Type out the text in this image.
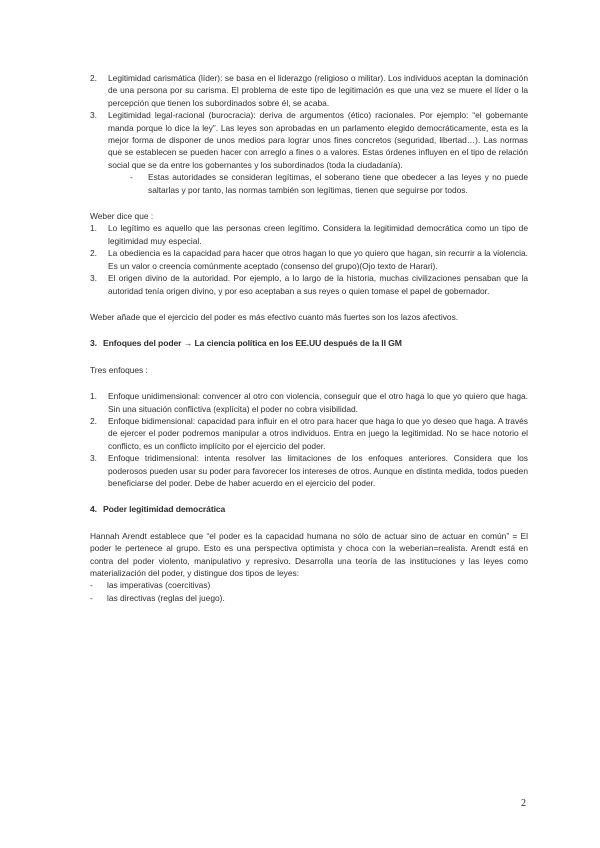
2. Legitimidad carismática (líder): se basa en el liderazgo (religioso o militar). Los individuos aceptan la dominación de una persona por su carisma. El problema de este tipo de legitimación es que una vez se muere el líder o la percepción que tienen los subordinados sobre él, se acaba.
3. Legitimidad legal-racional (burocracia): deriva de argumentos (ético) racionales. Por ejemplo: “el gobernante manda porque lo dice la ley”. Las leyes son aprobadas en un parlamento elegido democráticamente, esta es la mejor forma de disponer de unos medios para lograr unos fines concretos (seguridad, libertad…). Las normas que se establecen se pueden hacer con arreglo a fines o a valores. Estas órdenes influyen en el tipo de relación social que se da entre los gobernantes y los subordinados (toda la ciudadanía).
- Estas autoridades se consideran legítimas, el soberano tiene que obedecer a las leyes y no puede saltarlas y por tanto, las normas también son legítimas, tienen que seguirse por todos.

Weber dice que :

1. Lo legítimo es aquello que las personas creen legítimo. Considera la legitimidad democrática como un tipo de legitimidad muy especial.
2. La obediencia es la capacidad para hacer que otros hagan lo que yo quiero que hagan, sin recurrir a la violencia. Es un valor o creencia comúnmente aceptado (consenso del grupo)(Ojo texto de Harari).
3. El origen divino de la autoridad. Por ejemplo, a lo largo de la historia, muchas civilizaciones pensaban que la autoridad tenía origen divino, y por eso aceptaban a sus reyes o quien tomase el papel de gobernador.

Weber añade que el ejercicio del poder es más efectivo cuanto más fuertes son los lazos afectivos.

3. Enfoques del poder → La ciencia política en los EE.UU después de la II GM

Tres enfoques :

1. Enfoque unidimensional: convencer al otro con violencia, conseguir que el otro haga lo que yo quiero que haga. Sin una situación conflictiva (explícita) el poder no cobra visibilidad.
2. Enfoque bidimensional: capacidad para influir en el otro para hacer que haga lo que yo deseo que haga. A través de ejercer el poder podremos manipular a otros individuos. Entra en juego la legitimidad. No se hace notorio el conflicto, es un conflicto implícito por el ejercicio del poder.
3. Enfoque tridimensional: intenta resolver las limitaciones de los enfoques anteriores. Considera que los poderosos pueden usar su poder para favorecer los intereses de otros. Aunque en distinta medida, todos pueden beneficiarse del poder. Debe de haber acuerdo en el ejercicio del poder.
4. Poder legitimidad democrática

Hannah Arendt establece que “el poder es la capacidad humana no sólo de actuar sino de actuar en común” = El poder le pertenece al grupo. Esto es una perspectiva optimista y choca con la weberian=realista. Arendt está en contra del poder violento, manipulativo y represivo. Desarrolla una teoría de las instituciones y las leyes como materialización del poder, y distingue dos tipos de leyes:

- las imperativas (coercitivas)
- las directivas (reglas del juego).
2
